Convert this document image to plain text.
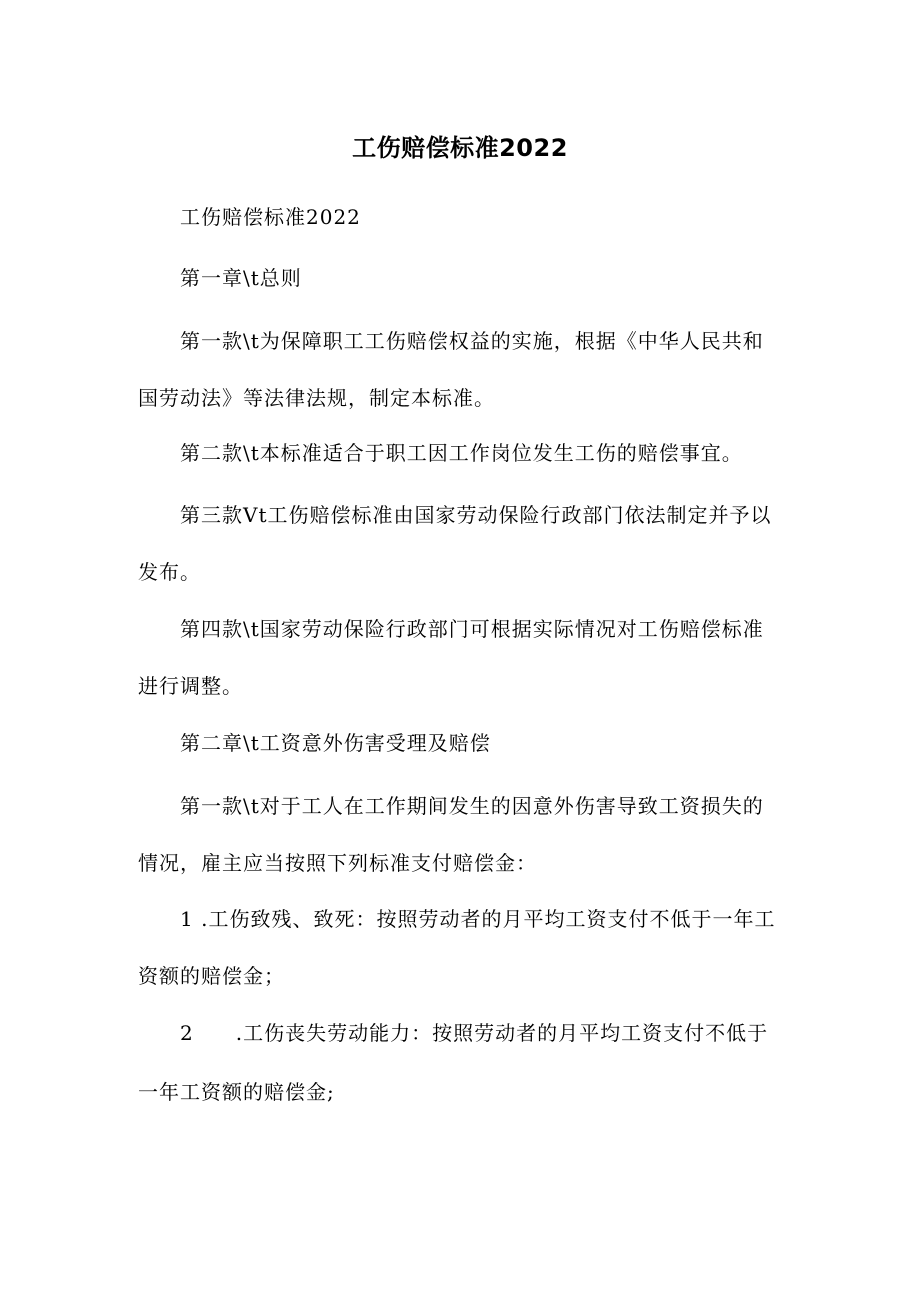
工伤赔偿标准2022

工伤赔偿标准2022

第一章\t总则

第一款\t为保障职工工伤赔偿权益的实施，根据《中华人民共和国劳动法》等法律法规，制定本标准。

第二款\t本标准适合于职工因工作岗位发生工伤的赔偿事宜。

第三款Vt工伤赔偿标准由国家劳动保险行政部门依法制定并予以发布。

第四款\t国家劳动保险行政部门可根据实际情况对工伤赔偿标准进行调整。

第二章\t工资意外伤害受理及赔偿

第一款\t对于工人在工作期间发生的因意外伤害导致工资损失的情况，雇主应当按照下列标准支付赔偿金：

1 .工伤致残、致死：按照劳动者的月平均工资支付不低于一年工资额的赔偿金；

2　　.工伤丧失劳动能力：按照劳动者的月平均工资支付不低于一年工资额的赔偿金;
